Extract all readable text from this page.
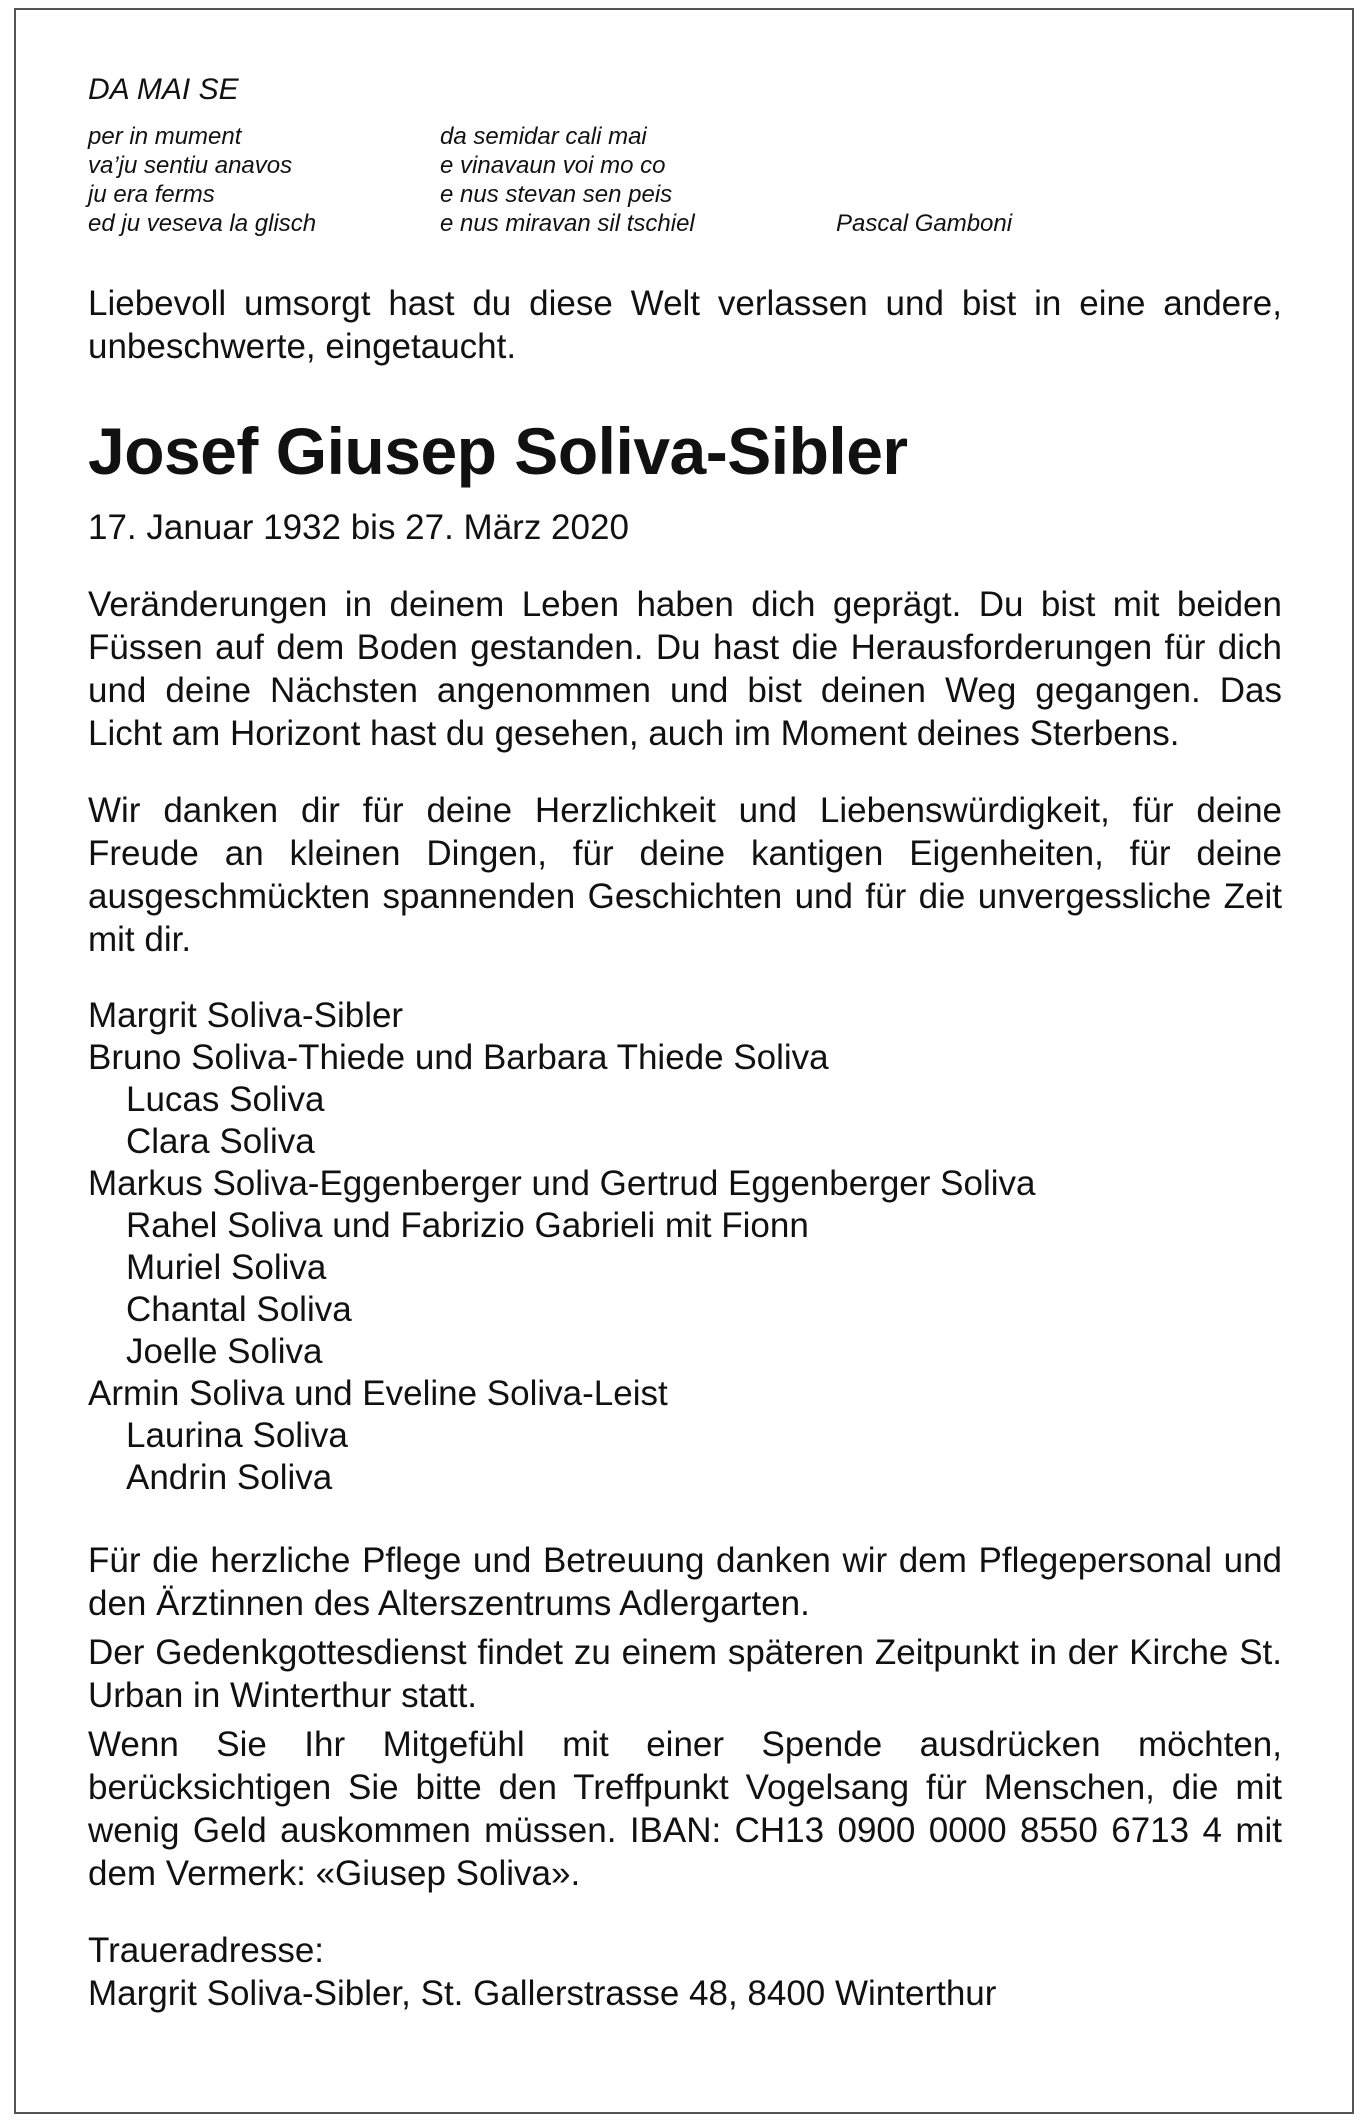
DA MAI SE
per in mument
va’ju sentiu anavos
ju era ferms
ed ju veseva la glisch
da semidar cali mai
e vinavaun voi mo co
e nus stevan sen peis
e nus miravan sil tschiel	Pascal Gamboni

Liebevoll umsorgt hast du diese Welt verlassen und bist in eine andere, unbeschwerte, eingetaucht.

Josef Giusep Soliva-Sibler

17. Januar 1932 bis 27. März 2020

Veränderungen in deinem Leben haben dich geprägt. Du bist mit beiden Füssen auf dem Boden gestanden. Du hast die Herausforderungen für dich und deine Nächsten angenommen und bist deinen Weg gegangen. Das Licht am Horizont hast du gesehen, auch im Moment deines Sterbens.

Wir danken dir für deine Herzlichkeit und Liebenswürdigkeit, für deine Freude an kleinen Dingen, für deine kantigen Eigenheiten, für deine ausgeschmückten spannenden Geschichten und für die unvergessliche Zeit mit dir.

Margrit Soliva-Sibler
Bruno Soliva-Thiede und Barbara Thiede Soliva
Lucas Soliva
Clara Soliva
Markus Soliva-Eggenberger und Gertrud Eggenberger Soliva
Rahel Soliva und Fabrizio Gabrieli mit Fionn
Muriel Soliva
Chantal Soliva
Joelle Soliva
Armin Soliva und Eveline Soliva-Leist
Laurina Soliva
Andrin Soliva

Für die herzliche Pflege und Betreuung danken wir dem Pflegepersonal und den Ärztinnen des Alterszentrums Adlergarten.

Der Gedenkgottesdienst findet zu einem späteren Zeitpunkt in der Kirche St. Urban in Winterthur statt.

Wenn Sie Ihr Mitgefühl mit einer Spende ausdrücken möchten, berücksichtigen Sie bitte den Treffpunkt Vogelsang für Menschen, die mit wenig Geld auskommen müssen. IBAN: CH13 0900 0000 8550 6713 4 mit dem Vermerk: «Giusep Soliva».

Traueradresse:
Margrit Soliva-Sibler, St. Gallerstrasse 48, 8400 Winterthur
